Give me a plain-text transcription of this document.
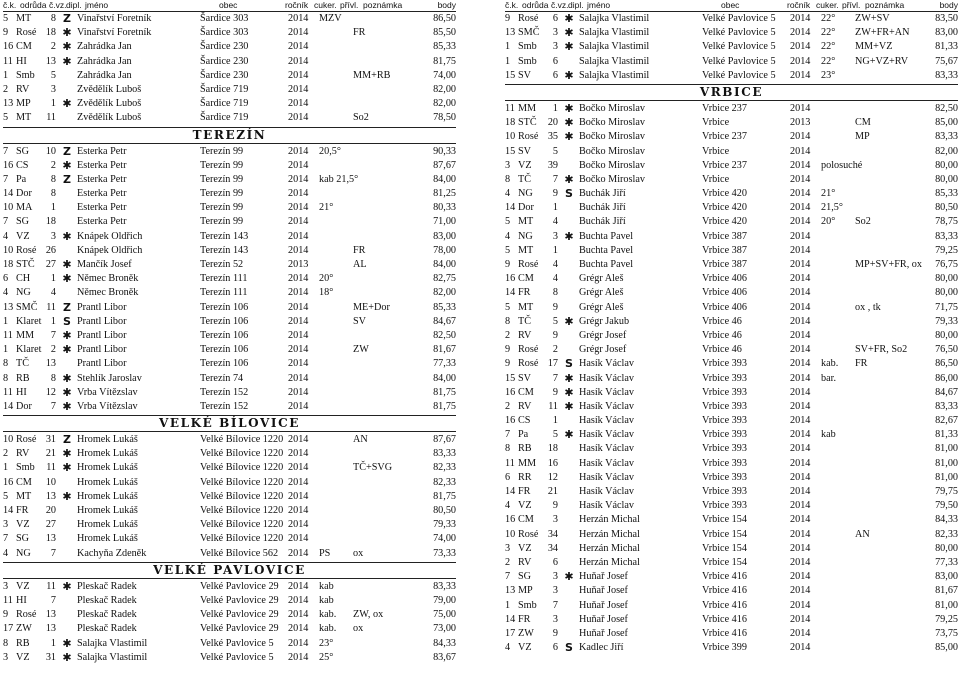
č.k. odrůda č.vz. dipl. jméno	obec	ročník cuker. přívl. poznámka	body
5 MT	8 Z Vinařství Foretník	Šardice 303	2014 MZV	86,50
9 Rosé 18 ✱ Vinařství Foretník	Šardice 303	2014	FR	85,50
16 CM	2 ✱ Zahrádka Jan	Šardice 230	2014	85,33
11 HI	13 ✱ Zahrádka Jan	Šardice 230	2014	81,75
1 Smb	5 Zahrádka Jan	Šardice 230	2014	MM+RB	74,00
2 RV	3 Zvědělík Luboš	Šardice 719	2014	82,00
13 MP	1 ✱ Zvědělík Luboš	Šardice 719	2014	82,00
5 MT	11 Zvědělík Luboš	Šardice 719	2014	So2	78,50
TEREZÍN
7 SG	10 Z Esterka Petr	Terezín 99	2014 20,5°	90,33
16 CS	2 ✱ Esterka Petr	Terezín 99	2014	87,67
7 Pa	8 Z Esterka Petr	Terezín 99	2014 kab 21,5°	84,00
14 Dor	8 Esterka Petr	Terezín 99	2014	81,25
10 MA	1 Esterka Petr	Terezín 99	2014 21°	80,33
7 SG	18 Esterka Petr	Terezín 99	2014	71,00
4 VZ	3 ✱ Knápek Oldřich	Terezín 143	2014	83,00
10 Rosé 26 Knápek Oldřich	Terezín 143	2014	FR	78,00
18 STČ	27 ✱ Mančík Josef	Terezín 52	2013	AL	84,00
6 CH	1 ✱ Němec Broněk	Terezín 111	2014 20°	82,75
4 NG	4 Němec Broněk	Terezín 111	2014 18°	82,00
13 SMČ 11 Z Prantl Libor	Terezín 106	2014	ME+Dor	85,33
1 Klaret 1 S Prantl Libor	Terezín 106	2014	SV	84,67
11 MM	7 ✱ Prantl Libor	Terezín 106	2014	82,50
1 Klaret 2 ✱ Prantl Libor	Terezín 106	2014	ZW	81,67
8 TČ	13 Prantl Libor	Terezín 106	2014	77,33
8 RB	8 ✱ Stehlík Jaroslav	Terezín 74	2014	84,00
11 HI	12 ✱ Vrba Vítězslav	Terezín 152	2014	81,75
14 Dor	7 ✱ Vrba Vítězslav	Terezín 152	2014	81,75
VELKÉ BÍLOVICE
10 Rosé 31 Z Hromek Lukáš	Velké Bílovice 1220 2014	AN	87,67
2 RV	21 ✱ Hromek Lukáš	Velké Bílovice 1220 2014	83,33
1 Smb	11 ✱ Hromek Lukáš	Velké Bílovice 1220 2014	TČ+SVG	82,33
16 CM	10 Hromek Lukáš	Velké Bílovice 1220 2014	82,33
5 MT	13 ✱ Hromek Lukáš	Velké Bílovice 1220 2014	81,75
14 FR	20 Hromek Lukáš	Velké Bílovice 1220 2014	80,50
3 VZ	27 Hromek Lukáš	Velké Bílovice 1220 2014	79,33
7 SG	13 Hromek Lukáš	Velké Bílovice 1220 2014	74,00
4 NG	7 Kachyňa Zdeněk	Velké Bílovice 562 2014 PS ox	73,33
VELKÉ PAVLOVICE
3 VZ	11 ✱ Pleskač Radek	Velké Pavlovice 29 2014 kab	83,33
11 HI	7 Pleskač Radek	Velké Pavlovice 29 2014 kab	79,00
9 Rosé 13 Pleskač Radek	Velké Pavlovice 29 2014 kab. ZW, ox	75,00
17 ZW	13 Pleskač Radek	Velké Pavlovice 29 2014 kab. ox	73,00
8 RB	1 ✱ Salajka Vlastimil	Velké Pavlovice 5 2014 23°	84,33
3 VZ	31 ✱ Salajka Vlastimil	Velké Pavlovice 5 2014 25°	83,67
č.k. odrůda č.vz. dipl. jméno	obec	ročník cuker. přívl. poznámka	body
9 Rosé	6 ✱ Salajka Vlastimil	Velké Pavlovice 5 2014 22° ZW+SV	83,50
13 SMČ	3 ✱ Salajka Vlastimil	Velké Pavlovice 5 2014 22° ZW+FR+AN	83,00
1 Smb	3 ✱ Salajka Vlastimil	Velké Pavlovice 5 2014 22° MM+VZ	81,33
1 Smb	6 Salajka Vlastimil	Velké Pavlovice 5 2014 22° NG+VZ+RV	75,67
15 SV	6 ✱ Salajka Vlastimil	Velké Pavlovice 5 2014 23°	83,33
VRBICE
11 MM	1 ✱ Bočko Miroslav	Vrbice 237	2014	82,50
18 STČ	20 ✱ Bočko Miroslav	Vrbice	2013	CM	85,00
10 Rosé 35 ✱ Bočko Miroslav	Vrbice 237	2014	MP	83,33
15 SV	5 Bočko Miroslav	Vrbice	2014	82,00
3 VZ	39 Bočko Miroslav	Vrbice 237	2014 polosuché	80,00
8 TČ	7 ✱ Bočko Miroslav	Vrbice	2014	80,00
4 NG	9 S Buchák Jiří	Vrbice 420	2014 21°	85,33
14 Dor	1 Buchák Jiří	Vrbice 420	2014 21,5°	80,50
5 MT	4 Buchák Jiří	Vrbice 420	2014 20° So2	78,75
4 NG	3 ✱ Buchta Pavel	Vrbice 387	2014	83,33
5 MT	1 Buchta Pavel	Vrbice 387	2014	79,25
9 Rosé	4 Buchta Pavel	Vrbice 387	2014	MP+SV+FR, ox 76,75
16 CM	4 Grégr Aleš	Vrbice 406	2014	80,00
14 FR	8 Grégr Aleš	Vrbice 406	2014	80,00
5 MT	9 Grégr Aleš	Vrbice 406	2014	ox , tk	71,75
8 TČ	5 ✱ Grégr Jakub	Vrbice 46	2014	79,33
2 RV	9 Grégr Josef	Vrbice 46	2014	80,00
9 Rosé	2 Grégr Josef	Vrbice 46	2014	SV+FR, So2	76,50
9 Rosé 17 S Hasík Václav	Vrbice 393	2014 kab. FR	86,50
15 SV	7 ✱ Hasík Václav	Vrbice 393	2014 bar.	86,00
16 CM	9 ✱ Hasík Václav	Vrbice 393	2014	84,67
2 RV	11 ✱ Hasík Václav	Vrbice 393	2014	83,33
16 CS	1 Hasík Václav	Vrbice 393	2014	82,67
7 Pa	5 ✱ Hasík Václav	Vrbice 393	2014 kab	81,33
8 RB	18 Hasík Václav	Vrbice 393	2014	81,00
11 MM	16 Hasík Václav	Vrbice 393	2014	81,00
6 RR	12 Hasík Václav	Vrbice 393	2014	81,00
14 FR	21 Hasík Václav	Vrbice 393	2014	79,75
4 VZ	9 Hasík Václav	Vrbice 393	2014	79,50
16 CM	3 Herzán Michal	Vrbice 154	2014	84,33
10 Rosé 34 Herzán Michal	Vrbice 154	2014	AN	82,33
3 VZ	34 Herzán Michal	Vrbice 154	2014	80,00
2 RV	6 Herzán Michal	Vrbice 154	2014	77,33
7 SG	3 ✱ Huňař Josef	Vrbice 416	2014	83,00
13 MP	3 Huňař Josef	Vrbice 416	2014	81,67
1 Smb	7 Huňař Josef	Vrbice 416	2014	81,00
14 FR	3 Huňař Josef	Vrbice 416	2014	79,25
17 ZW	9 Huňař Josef	Vrbice 416	2014	73,75
4 VZ	6 S Kadlec Jiří	Vrbice 399	2014	85,00
